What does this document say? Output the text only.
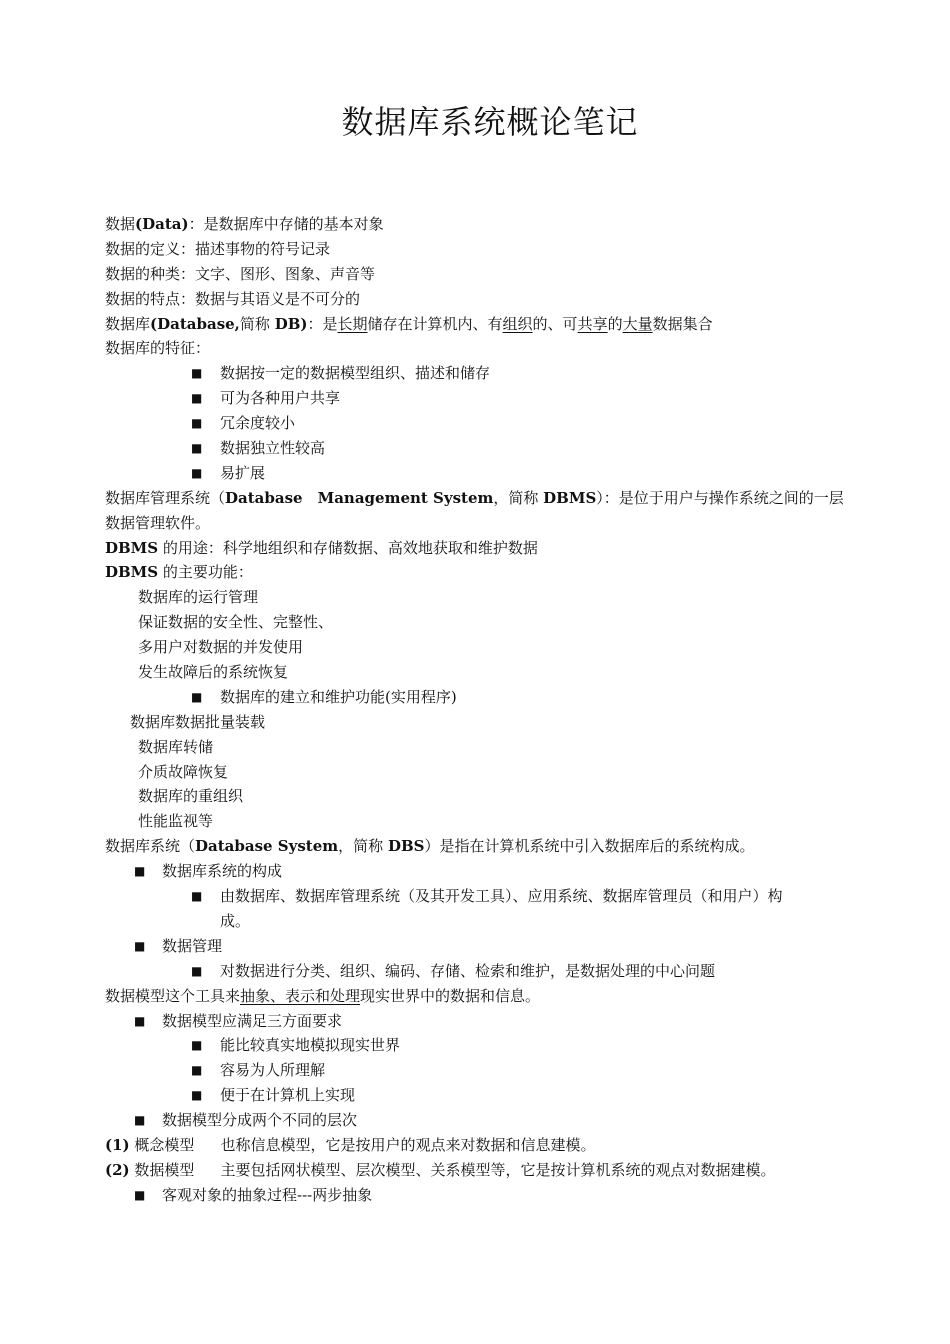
数据库系统概论笔记
数据(Data)：是数据库中存储的基本对象
数据的定义：描述事物的符号记录
数据的种类：文字、图形、图象、声音等
数据的特点：数据与其语义是不可分的
数据库(Database,简称 DB)：是长期储存在计算机内、有组织的、可共享的大量数据集合
数据库的特征：
■ 数据按一定的数据模型组织、描述和储存
■ 可为各种用户共享
■ 冗余度较小
■ 数据独立性较高
■ 易扩展
数据库管理系统（Database　Management System，简称 DBMS）：是位于用户与操作系统之间的一层
数据管理软件。
DBMS 的用途：科学地组织和存储数据、高效地获取和维护数据
DBMS 的主要功能：
数据库的运行管理
保证数据的安全性、完整性、
多用户对数据的并发使用
发生故障后的系统恢复
■ 数据库的建立和维护功能(实用程序)
数据库数据批量装载
数据库转储
介质故障恢复
数据库的重组织
性能监视等
数据库系统（Database System，简称 DBS）是指在计算机系统中引入数据库后的系统构成。
■ 数据库系统的构成
■ 由数据库、数据库管理系统（及其开发工具）、应用系统、数据库管理员（和用户）构
成。
■ 数据管理
■ 对数据进行分类、组织、编码、存储、检索和维护，是数据处理的中心问题
数据模型这个工具来抽象、表示和处理现实世界中的数据和信息。
■ 数据模型应满足三方面要求
■ 能比较真实地模拟现实世界
■ 容易为人所理解
■ 便于在计算机上实现
■ 数据模型分成两个不同的层次
(1) 概念模型 也称信息模型，它是按用户的观点来对数据和信息建模。
(2) 数据模型 主要包括网状模型、层次模型、关系模型等，它是按计算机系统的观点对数据建模。
■ 客观对象的抽象过程---两步抽象
